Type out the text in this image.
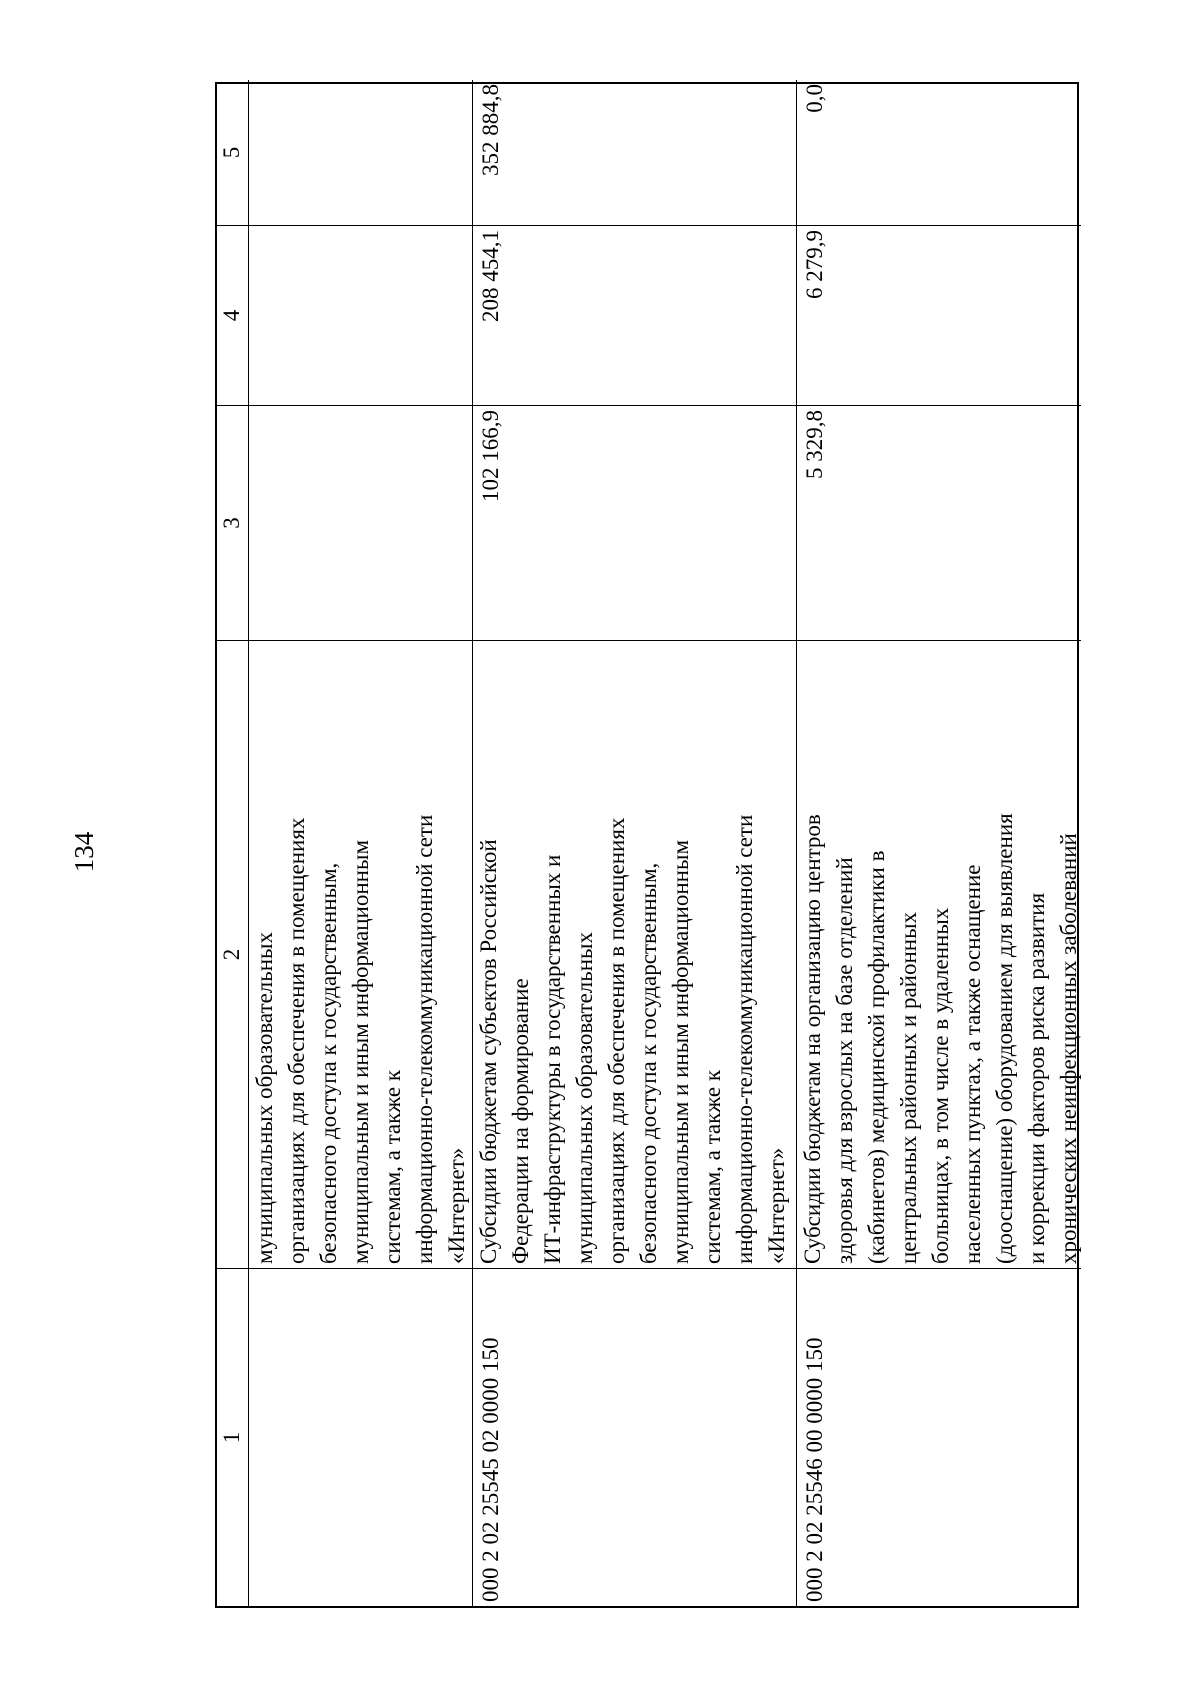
134
1
2
3
4
5
муниципальных образовательных организациях для обеспечения в помещениях безопасного доступа к государственным, муниципальным и иным информационным системам, а также к информационно-телекоммуникационной сети «Интернет»
000 2 02 25545 02 0000 150
Субсидии бюджетам субъектов Российской Федерации на формирование ИТ-инфраструктуры в государственных и муниципальных образовательных организациях для обеспечения в помещениях безопасного доступа к государственным, муниципальным и иным информационным системам, а также к информационно-телекоммуникационной сети «Интернет»
102 166,9
208 454,1
352 884,8
000 2 02 25546 00 0000 150
Субсидии бюджетам на организацию центров здоровья для взрослых на базе отделений (кабинетов) медицинской профилактики в центральных районных и районных больницах, в том числе в удаленных населенных пунктах, а также оснащение (дооснащение) оборудованием для выявления и коррекции факторов риска развития хронических неинфекционных заболеваний
5 329,8
6 279,9
0,0
